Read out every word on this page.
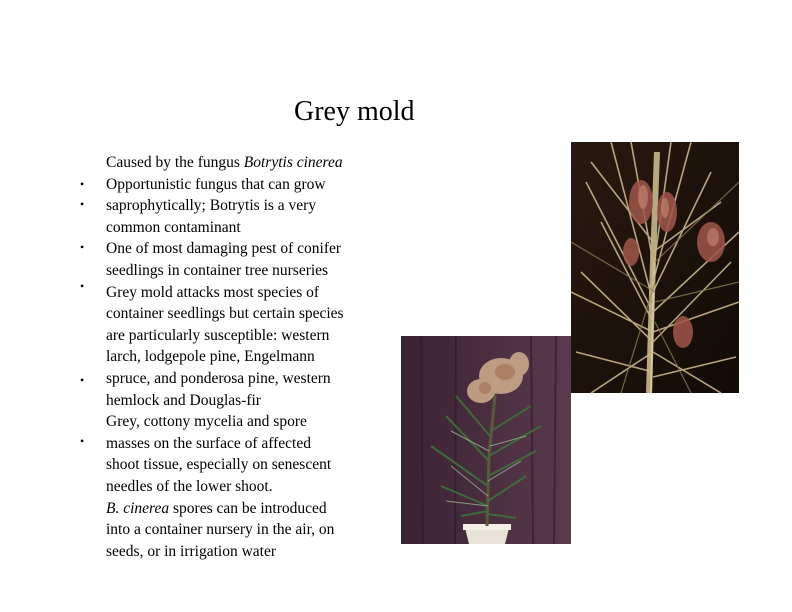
Grey mold
•
•
•
•
•
•
Caused by the fungus Botrytis cinerea
Opportunistic fungus that can grow
saprophytically; Botrytis is a very
common contaminant
One of most damaging pest of conifer
seedlings in container tree nurseries
Grey mold attacks most species of
container seedlings but certain species
are particularly susceptible: western
larch, lodgepole pine, Engelmann
spruce, and ponderosa pine, western
hemlock and Douglas-fir
Grey, cottony mycelia and spore
masses on the surface of affected
shoot tissue, especially on senescent
needles of the lower shoot.
B. cinerea spores can be introduced
into a container nursery in the air, on
seeds, or in irrigation water
